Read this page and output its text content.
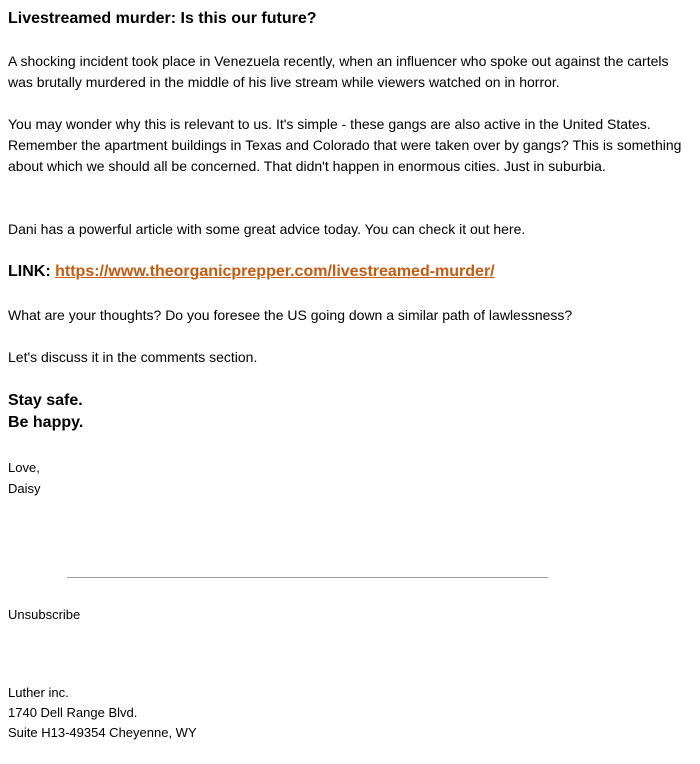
Livestreamed murder: Is this our future?

A shocking incident took place in Venezuela recently, when an influencer who spoke out against the cartels was brutally murdered in the middle of his live stream while viewers watched on in horror.

You may wonder why this is relevant to us. It's simple - these gangs are also active in the United States. Remember the apartment buildings in Texas and Colorado that were taken over by gangs? This is something about which we should all be concerned. That didn't happen in enormous cities. Just in suburbia.

Dani has a powerful article with some great advice today. You can check it out here.

LINK: https://www.theorganicprepper.com/livestreamed-murder/

What are your thoughts? Do you foresee the US going down a similar path of lawlessness?

Let's discuss it in the comments section.

Stay safe.

Be happy.

Love,
Daisy

Unsubscribe

Luther inc.
1740 Dell Range Blvd.
Suite H13-49354 Cheyenne, WY
